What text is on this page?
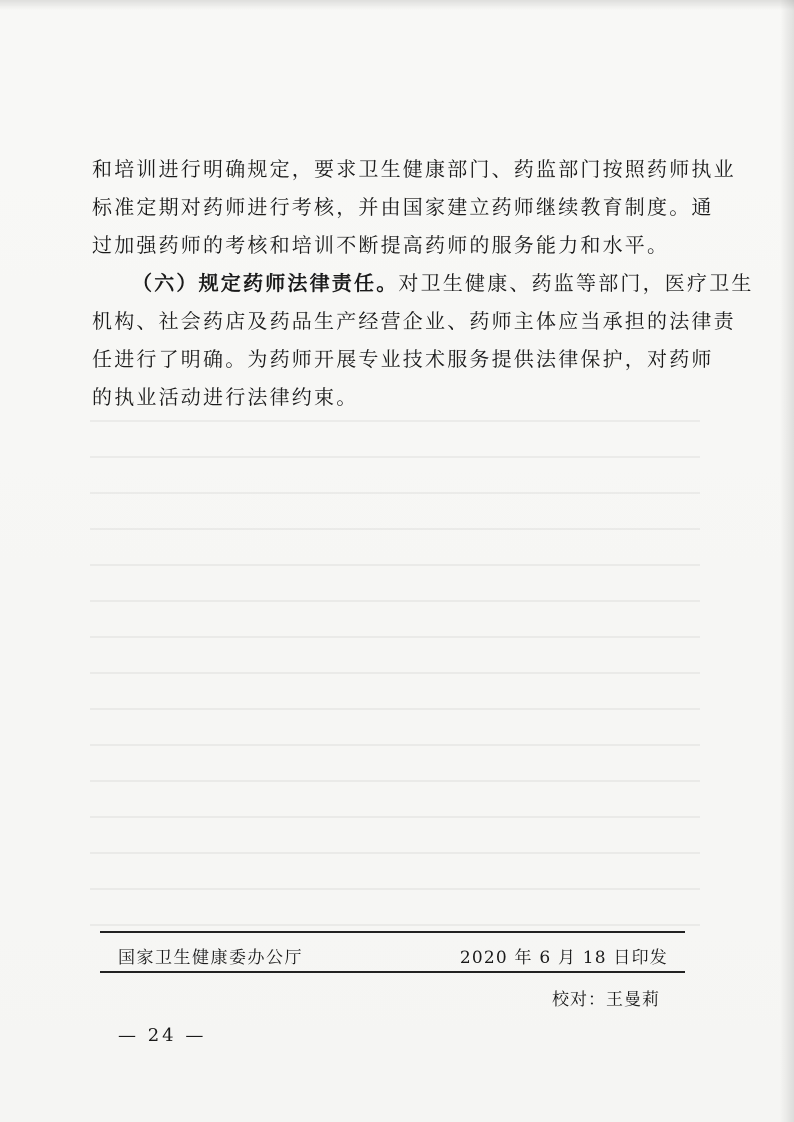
和培训进行明确规定，要求卫生健康部门、药监部门按照药师执业
标准定期对药师进行考核，并由国家建立药师继续教育制度。通
过加强药师的考核和培训不断提高药师的服务能力和水平。
（六）规定药师法律责任。对卫生健康、药监等部门，医疗卫生
机构、社会药店及药品生产经营企业、药师主体应当承担的法律责
任进行了明确。为药师开展专业技术服务提供法律保护，对药师
的执业活动进行法律约束。
国家卫生健康委办公厅	2020 年 6 月 18 日印发
校对：王曼莉
— 24 —
